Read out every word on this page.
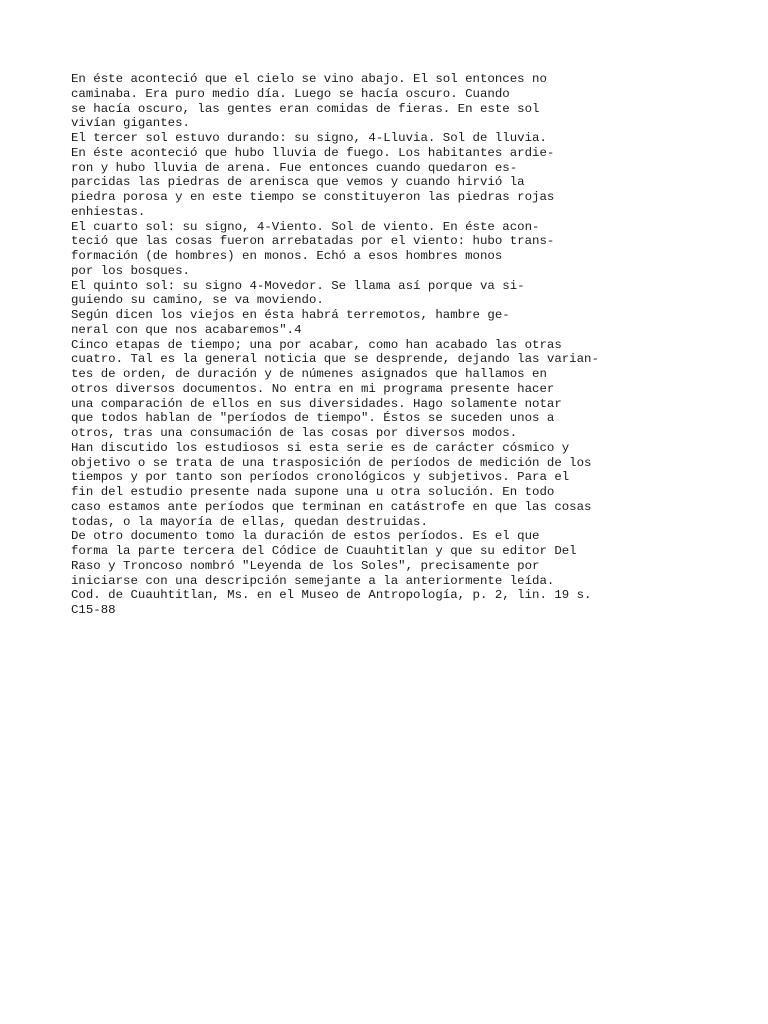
En éste aconteció que el cielo se vino abajo. El sol entonces no
caminaba. Era puro medio día. Luego se hacía oscuro. Cuando
se hacía oscuro, las gentes eran comidas de fieras. En este sol
vivían gigantes.
El tercer sol estuvo durando: su signo, 4-Lluvia. Sol de lluvia.
En éste aconteció que hubo lluvia de fuego. Los habitantes ardie-
ron y hubo lluvia de arena. Fue entonces cuando quedaron es-
parcidas las piedras de arenisca que vemos y cuando hirvió la
piedra porosa y en este tiempo se constituyeron las piedras rojas
enhiestas.
El cuarto sol: su signo, 4-Viento. Sol de viento. En éste acon-
teció que las cosas fueron arrebatadas por el viento: hubo trans-
formación (de hombres) en monos. Echó a esos hombres monos
por los bosques.
El quinto sol: su signo 4-Movedor. Se llama así porque va si-
guiendo su camino, se va moviendo.
Según dicen los viejos en ésta habrá terremotos, hambre ge-
neral con que nos acabaremos".4
Cinco etapas de tiempo; una por acabar, como han acabado las otras
cuatro. Tal es la general noticia que se desprende, dejando las varian-
tes de orden, de duración y de númenes asignados que hallamos en
otros diversos documentos. No entra en mi programa presente hacer
una comparación de ellos en sus diversidades. Hago solamente notar
que todos hablan de "períodos de tiempo". Éstos se suceden unos a
otros, tras una consumación de las cosas por diversos modos.
Han discutido los estudiosos si esta serie es de carácter cósmico y
objetivo o se trata de una trasposición de períodos de medición de los
tiempos y por tanto son períodos cronológicos y subjetivos. Para el
fin del estudio presente nada supone una u otra solución. En todo
caso estamos ante períodos que terminan en catástrofe en que las cosas
todas, o la mayoría de ellas, quedan destruidas.
De otro documento tomo la duración de estos períodos. Es el que
forma la parte tercera del Códice de Cuauhtitlan y que su editor Del
Raso y Troncoso nombró "Leyenda de los Soles", precisamente por
iniciarse con una descripción semejante a la anteriormente leída.
Cod. de Cuauhtitlan, Ms. en el Museo de Antropología, p. 2, lin. 19 s.
C15-88
